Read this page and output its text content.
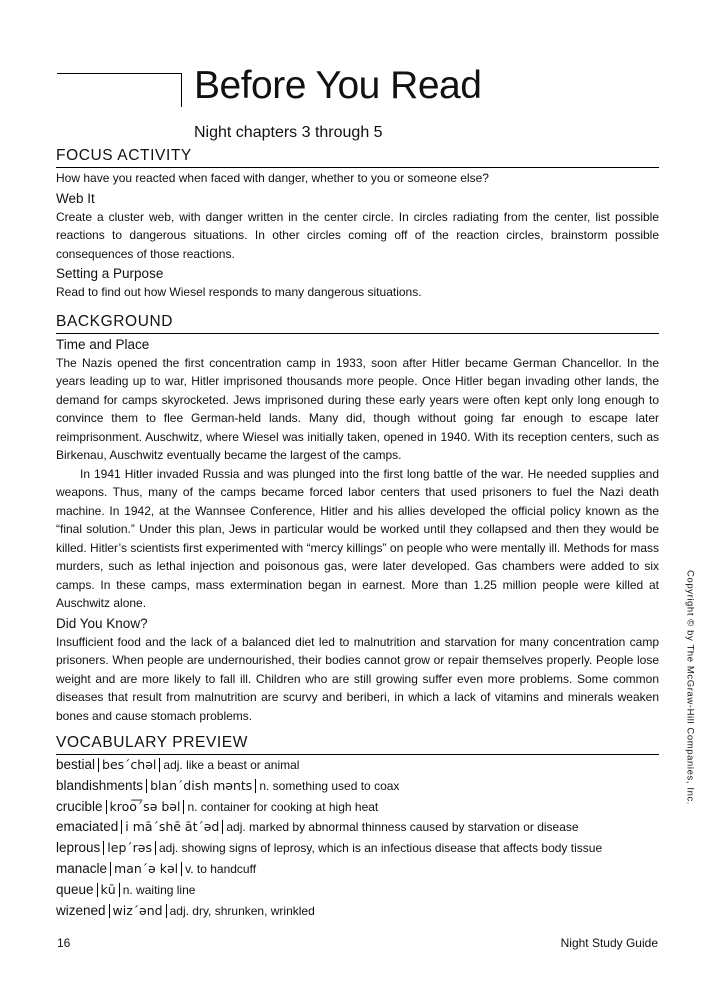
Before You Read
Night chapters 3 through 5
FOCUS ACTIVITY
How have you reacted when faced with danger, whether to you or someone else?
Web It
Create a cluster web, with danger written in the center circle. In circles radiating from the center, list possible reactions to dangerous situations. In other circles coming off of the reaction circles, brainstorm possible consequences of those reactions.
Setting a Purpose
Read to find out how Wiesel responds to many dangerous situations.
BACKGROUND
Time and Place

The Nazis opened the first concentration camp in 1933, soon after Hitler became German Chancellor. In the years leading up to war, Hitler imprisoned thousands more people. Once Hitler began invading other lands, the demand for camps skyrocketed. Jews imprisoned during these early years were often kept only long enough to convince them to flee German-held lands. Many did, though without going far enough to escape later reimprisonment. Auschwitz, where Wiesel was initially taken, opened in 1940. With its reception centers, such as Birkenau, Auschwitz eventually became the largest of the camps.

In 1941 Hitler invaded Russia and was plunged into the first long battle of the war. He needed supplies and weapons. Thus, many of the camps became forced labor centers that used prisoners to fuel the Nazi death machine. In 1942, at the Wannsee Conference, Hitler and his allies developed the official policy known as the “final solution.” Under this plan, Jews in particular would be worked until they collapsed and then they would be killed. Hitler’s scientists first experimented with “mercy killings” on people who were mentally ill. Methods for mass murders, such as lethal injection and poisonous gas, were later developed. Gas chambers were added to six camps. In these camps, mass extermination began in earnest. More than 1.25 million people were killed at Auschwitz alone.

Did You Know?
Insufficient food and the lack of a balanced diet led to malnutrition and starvation for many concentration camp prisoners. When people are undernourished, their bodies cannot grow or repair themselves properly. People lose weight and are more likely to fall ill. Children who are still growing suffer even more problems. Some common diseases that result from malnutrition are scurvy and beriberi, in which a lack of vitamins and minerals weaken bones and cause stomach problems.
VOCABULARY PREVIEW
bestial bes´chəl adj. like a beast or animal
blandishments blan´dish mənts n. something used to coax
crucible kroo͞´sə bəl n. container for cooking at high heat
emaciated i mā´shē āt´əd adj. marked by abnormal thinness caused by starvation or disease
leprous lep´rəs adj. showing signs of leprosy, which is an infectious disease that affects body tissue
manacle man´ə kəl v. to handcuff
queue kū n. waiting line
wizened wiz´ənd adj. dry, shrunken, wrinkled
Copyright © by The McGraw-Hill Companies, Inc.
16	Night Study Guide
